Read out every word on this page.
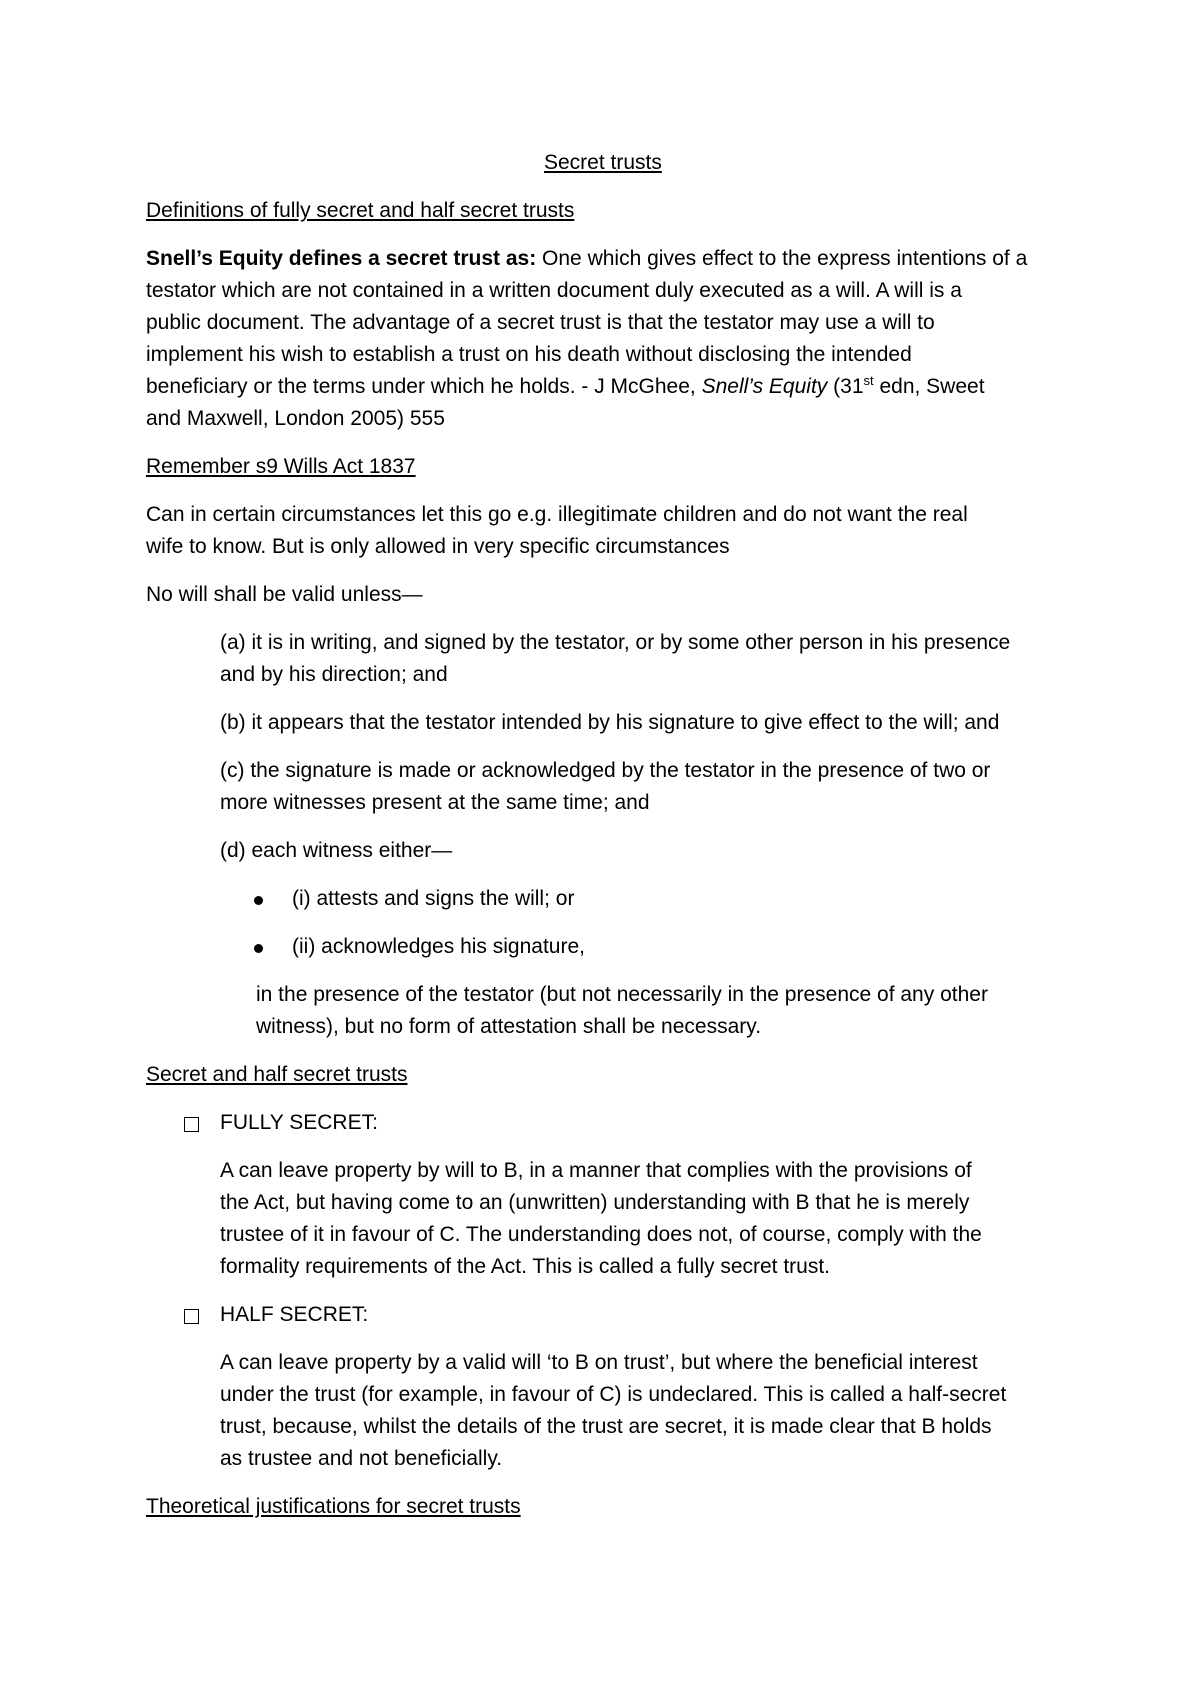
Secret trusts
Definitions of fully secret and half secret trusts
Snell’s Equity defines a secret trust as: One which gives effect to the express intentions of a
testator which are not contained in a written document duly executed as a will. A will is a
public document. The advantage of a secret trust is that the testator may use a will to
implement his wish to establish a trust on his death without disclosing the intended
beneficiary or the terms under which he holds. - J McGhee, Snell’s Equity (31st edn, Sweet
and Maxwell, London 2005) 555
Remember s9 Wills Act 1837
Can in certain circumstances let this go e.g. illegitimate children and do not want the real
wife to know. But is only allowed in very specific circumstances
No will shall be valid unless—
(a) it is in writing, and signed by the testator, or by some other person in his presence
and by his direction; and
(b) it appears that the testator intended by his signature to give effect to the will; and
(c) the signature is made or acknowledged by the testator in the presence of two or
more witnesses present at the same time; and
(d) each witness either—
(i) attests and signs the will; or
(ii) acknowledges his signature,
in the presence of the testator (but not necessarily in the presence of any other
witness), but no form of attestation shall be necessary.
Secret and half secret trusts
FULLY SECRET:
A can leave property by will to B, in a manner that complies with the provisions of
the Act, but having come to an (unwritten) understanding with B that he is merely
trustee of it in favour of C. The understanding does not, of course, comply with the
formality requirements of the Act. This is called a fully secret trust.
HALF SECRET:
A can leave property by a valid will ‘to B on trust’, but where the beneficial interest
under the trust (for example, in favour of C) is undeclared. This is called a half-secret
trust, because, whilst the details of the trust are secret, it is made clear that B holds
as trustee and not beneficially.
Theoretical justifications for secret trusts
